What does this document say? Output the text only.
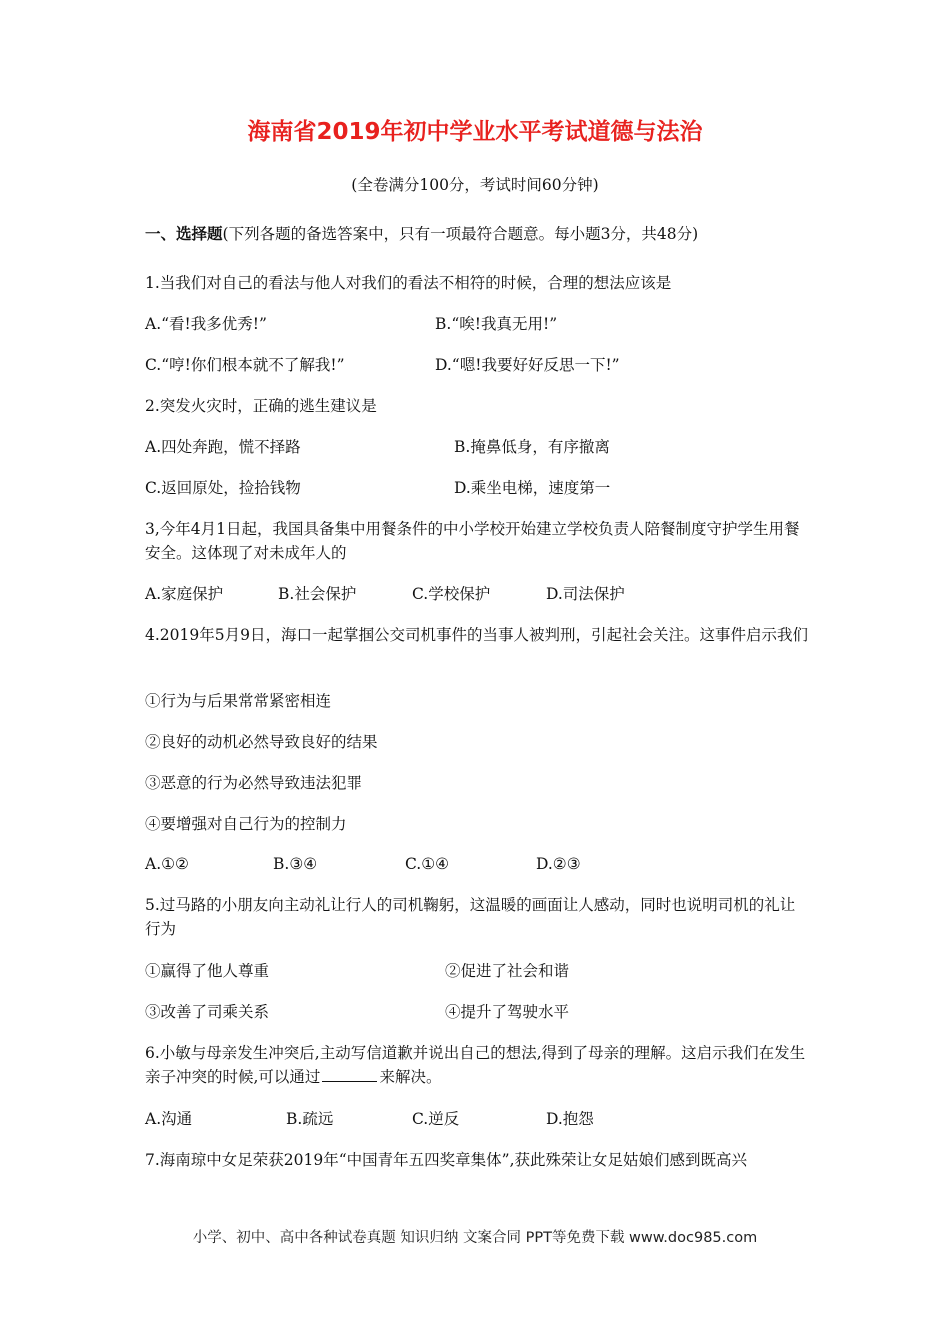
海南省2019年初中学业水平考试道德与法治
(全卷满分100分，考试时间60分钟)
一、选择题(下列各题的备选答案中，只有一项最符合题意。每小题3分，共48分)
1.当我们对自己的看法与他人对我们的看法不相符的时候，合理的想法应该是
A.“看!我多优秀!”	B.“唉!我真无用!”
C.“哼!你们根本就不了解我!”	D.“嗯!我要好好反思一下!”
2.突发火灾时，正确的逃生建议是
A.四处奔跑，慌不择路	B.掩鼻低身，有序撤离
C.返回原处，捡拾钱物	D.乘坐电梯，速度第一
3,今年4月1日起，我国具备集中用餐条件的中小学校开始建立学校负责人陪餐制度守护学生用餐安全。这体现了对未成年人的
A.家庭保护	B.社会保护	C.学校保护	D.司法保护
4.2019年5月9日，海口一起掌掴公交司机事件的当事人被判刑，引起社会关注。这事件启示我们
①行为与后果常常紧密相连
②良好的动机必然导致良好的结果
③恶意的行为必然导致违法犯罪
④要增强对自己行为的控制力
A.①②	B.③④	C.①④	D.②③
5.过马路的小朋友向主动礼让行人的司机鞠躬，这温暖的画面让人感动，同时也说明司机的礼让行为
①赢得了他人尊重	②促进了社会和谐
③改善了司乘关系	④提升了驾驶水平
6.小敏与母亲发生冲突后,主动写信道歉并说出自己的想法,得到了母亲的理解。这启示我们在发生亲子冲突的时候,可以通过	来解决。
A.沟通	B.疏远	C.逆反	D.抱怨
7.海南琼中女足荣获2019年“中国青年五四奖章集体”,获此殊荣让女足姑娘们感到既高兴
小学、初中、高中各种试卷真题 知识归纳 文案合同 PPT等免费下载 www.doc985.com
